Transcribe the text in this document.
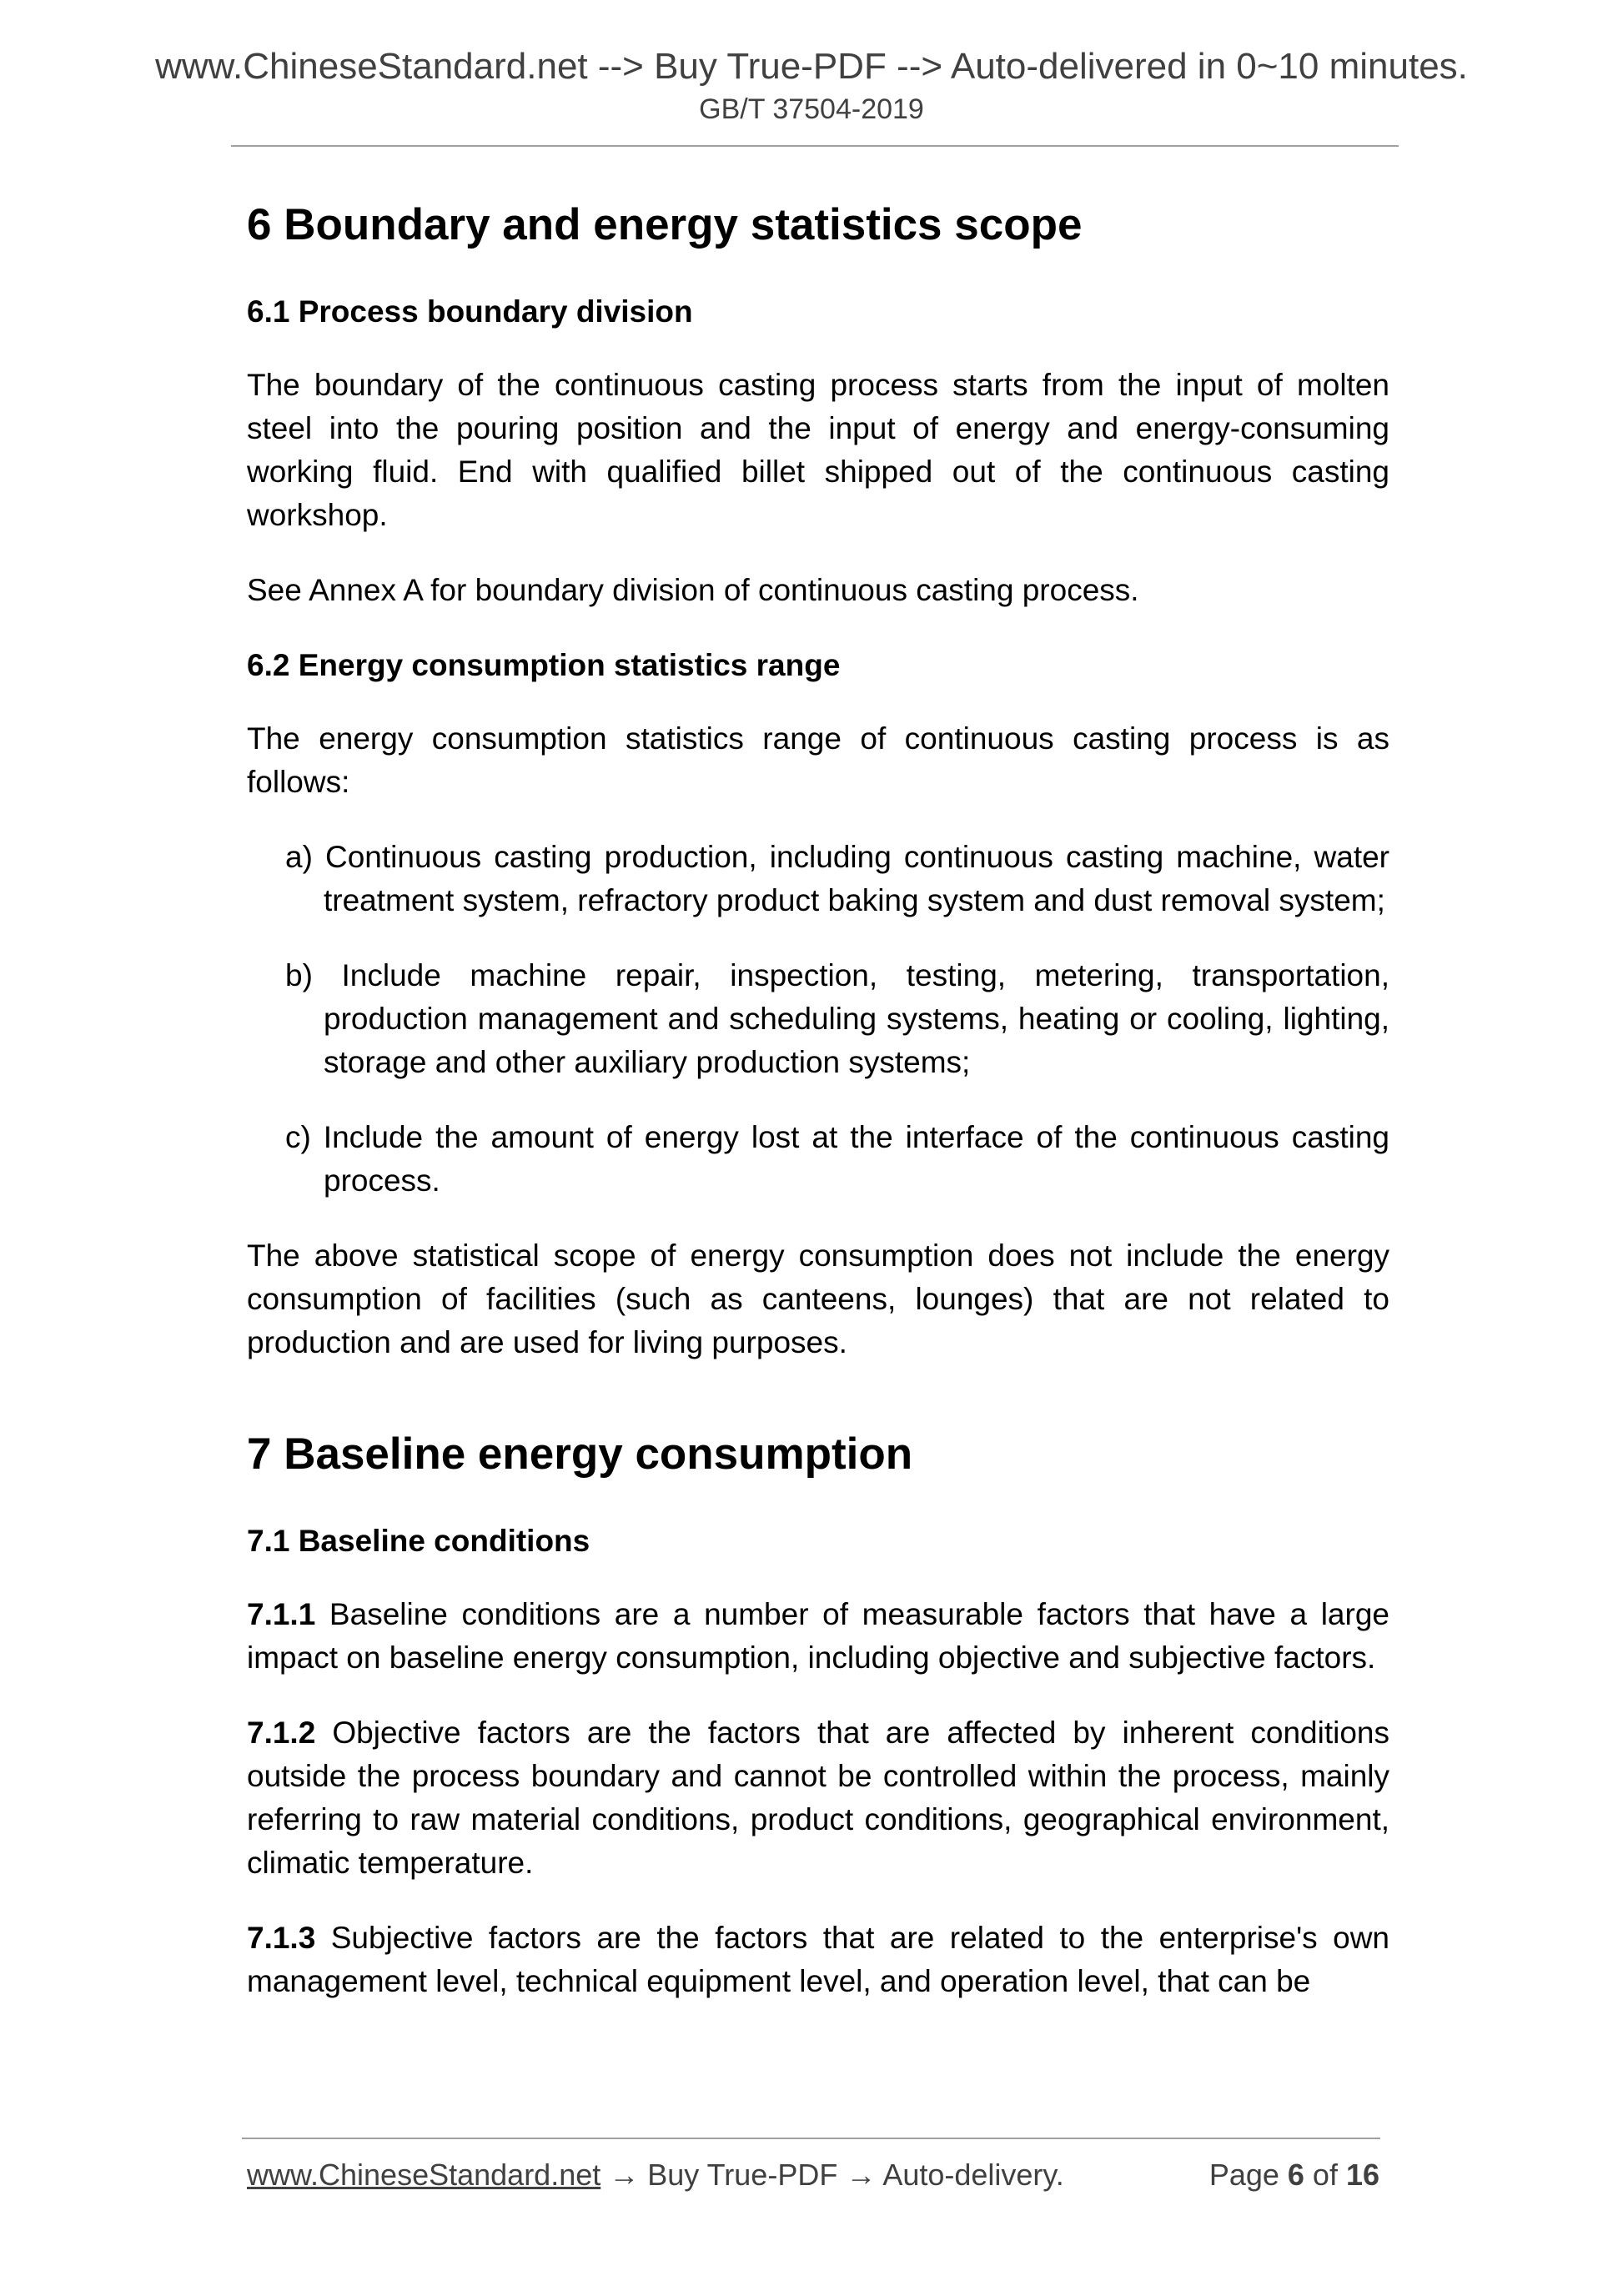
www.ChineseStandard.net --> Buy True-PDF --> Auto-delivered in 0~10 minutes.
GB/T 37504-2019
6 Boundary and energy statistics scope
6.1 Process boundary division

The boundary of the continuous casting process starts from the input of molten steel into the pouring position and the input of energy and energy-consuming working fluid. End with qualified billet shipped out of the continuous casting workshop.

See Annex A for boundary division of continuous casting process.

6.2 Energy consumption statistics range

The energy consumption statistics range of continuous casting process is as follows:

a) Continuous casting production, including continuous casting machine, water treatment system, refractory product baking system and dust removal system;

b) Include machine repair, inspection, testing, metering, transportation, production management and scheduling systems, heating or cooling, lighting, storage and other auxiliary production systems;

c) Include the amount of energy lost at the interface of the continuous casting process.

The above statistical scope of energy consumption does not include the energy consumption of facilities (such as canteens, lounges) that are not related to production and are used for living purposes.

7 Baseline energy consumption
7.1 Baseline conditions

7.1.1 Baseline conditions are a number of measurable factors that have a large impact on baseline energy consumption, including objective and subjective factors.

7.1.2 Objective factors are the factors that are affected by inherent conditions outside the process boundary and cannot be controlled within the process, mainly referring to raw material conditions, product conditions, geographical environment, climatic temperature.

7.1.3 Subjective factors are the factors that are related to the enterprise's own management level, technical equipment level, and operation level, that can be

www.ChineseStandard.net → Buy True-PDF → Auto-delivery.	Page 6 of 16
